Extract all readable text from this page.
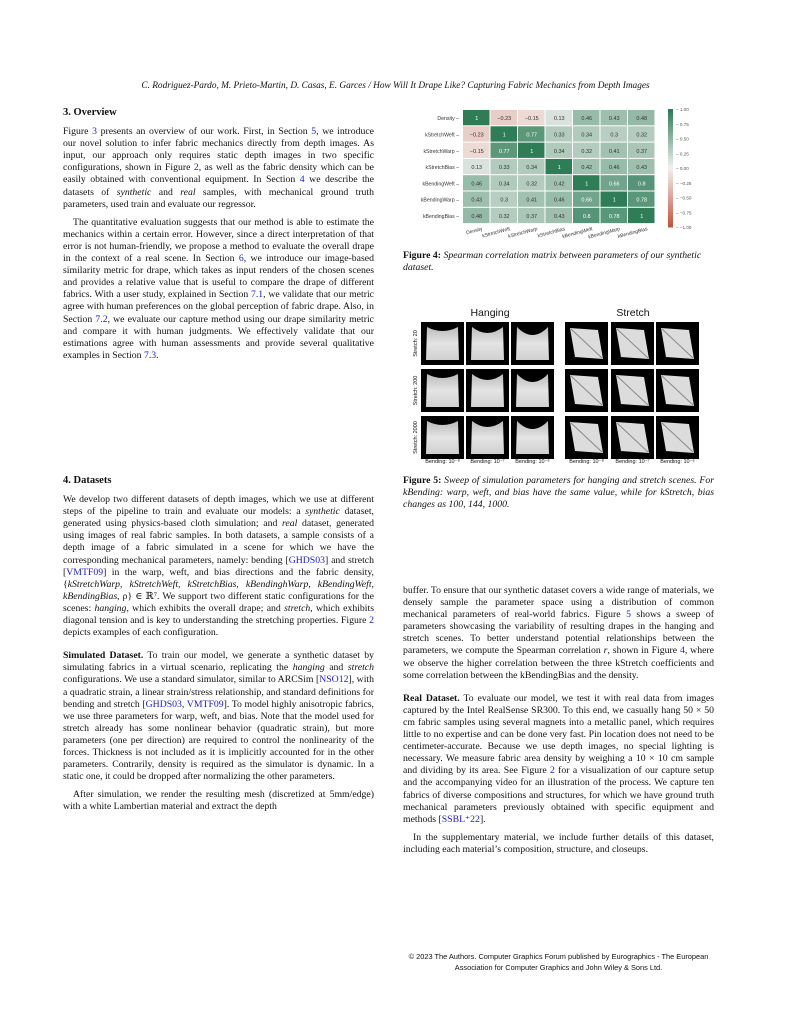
C. Rodriguez-Pardo, M. Prieto-Martin, D. Casas, E. Garces / How Will It Drape Like? Capturing Fabric Mechanics from Depth Images
3. Overview

Figure 3 presents an overview of our work. First, in Section 5, we introduce our novel solution to infer fabric mechanics directly from depth images. As input, our approach only requires static depth images in two specific configurations, shown in Figure 2, as well as the fabric density which can be easily obtained with conventional equipment. In Section 4 we describe the datasets of synthetic and real samples, with mechanical ground truth parameters, used train and evaluate our regressor.

The quantitative evaluation suggests that our method is able to estimate the mechanics within a certain error. However, since a direct interpretation of that error is not human-friendly, we propose a method to evaluate the overall drape in the context of a real scene. In Section 6, we introduce our image-based similarity metric for drape, which takes as input renders of the chosen scenes and provides a relative value that is useful to compare the drape of different fabrics. With a user study, explained in Section 7.1, we validate that our metric agree with human preferences on the global perception of fabric drape. Also, in Section 7.2, we evaluate our capture method using our drape similarity metric and compare it with human judgments. We effectively validate that our estimations agree with human assessments and provide several qualitative examples in Section 7.3.

4. Datasets

We develop two different datasets of depth images, which we use at different steps of the pipeline to train and evaluate our models: a synthetic dataset, generated using physics-based cloth simulation; and real dataset, generated using images of real fabric samples. In both datasets, a sample consists of a depth image of a fabric simulated in a scene for which we have the corresponding mechanical parameters, namely: bending [GHDS03] and stretch [VMTF09] in the warp, weft, and bias directions and the fabric density, {kStretchWarp, kStretchWeft, kStretchBias, kBendinghWarp, kBendingWeft, kBendingBias, ρ} ∈ ℝ⁷. We support two different static configurations for the scenes: hanging, which exhibits the overall drape; and stretch, which exhibits diagonal tension and is key to understanding the stretching properties. Figure 2 depicts examples of each configuration.

Simulated Dataset. To train our model, we generate a synthetic dataset by simulating fabrics in a virtual scenario, replicating the hanging and stretch configurations. We use a standard simulator, similar to ARCSim [NSO12], with a quadratic strain, a linear strain/stress relationship, and standard definitions for bending and stretch [GHDS03, VMTF09]. To model highly anisotropic fabrics, we use three parameters for warp, weft, and bias. Note that the model used for stretch already has some nonlinear behavior (quadratic strain), but more parameters (one per direction) are required to control the nonlinearity of the forces. Thickness is not included as it is implicitly accounted for in the other parameters. Contrarily, density is required as the simulator is dynamic. In a static one, it could be dropped after normalizing the other parameters.

After simulation, we render the resulting mesh (discretized at 5mm/edge) with a white Lambertian material and extract the depth

Density –	1	−0.23 −0.15	0.13	0.46	0.43	0.48
kStretchWeft – −0.23	1	0.77	0.33	0.34	0.3	0.32
kStretchWarp – −0.15	0.77	1	0.34	0.32	0.41	0.37
kStretchBias – 0.13	0.33	0.34	1	0.42	0.46	0.43
kBendingWeft – 0.46	0.34	0.32	0.42	1	0.66	0.8
kBendingWarp – 0.43	0.3	0.41	0.46	0.66	1	0.78
kBendingBias – 0.48	0.32	0.37	0.43	0.8	0.78	1
Density
kStretchWeft
kStretchWarp
kStretchBias
kBendingWeft
kBendingWarp
kBendingBias
– 1.00
– 0.75
– 0.50
– 0.25
– 0.00
– −0.25
– −0.50
– −0.75
– −1.00
Figure 4: Spearman correlation matrix between parameters of our synthetic dataset.
Hanging	Stretch
Stretch: 20
Stretch: 200
Stretch: 2000
Bending: 10⁻⁸ Bending: 10⁻⁷ Bending: 10⁻⁶	Bending: 10⁻⁸ Bending: 10⁻⁷ Bending: 10⁻⁶
Figure 5: Sweep of simulation parameters for hanging and stretch scenes. For kBending: warp, weft, and bias have the same value, while for kStretch, bias changes as 100, 144, 1000.

buffer. To ensure that our synthetic dataset covers a wide range of materials, we densely sample the parameter space using a distribution of common mechanical parameters of real-world fabrics. Figure 5 shows a sweep of parameters showcasing the variability of resulting drapes in the hanging and stretch scenes. To better understand potential relationships between the parameters, we compute the Spearman correlation r, shown in Figure 4, where we observe the higher correlation between the three kStretch coefficients and some correlation between the kBendingBias and the density.

Real Dataset. To evaluate our model, we test it with real data from images captured by the Intel RealSense SR300. To this end, we casually hang 50 × 50 cm fabric samples using several magnets into a metallic panel, which requires little to no expertise and can be done very fast. Pin location does not need to be centimeter-accurate. Because we use depth images, no special lighting is necessary. We measure fabric area density by weighing a 10 × 10 cm sample and dividing by its area. See Figure 2 for a visualization of our capture setup and the accompanying video for an illustration of the process. We capture ten fabrics of diverse compositions and structures, for which we have ground truth mechanical parameters previously obtained with specific equipment and methods [SSBL⁺22].

In the supplementary material, we include further details of this dataset, including each material’s composition, structure, and closeups.

© 2023 The Authors. Computer Graphics Forum published by Eurographics - The European Association for Computer Graphics and John Wiley & Sons Ltd.
